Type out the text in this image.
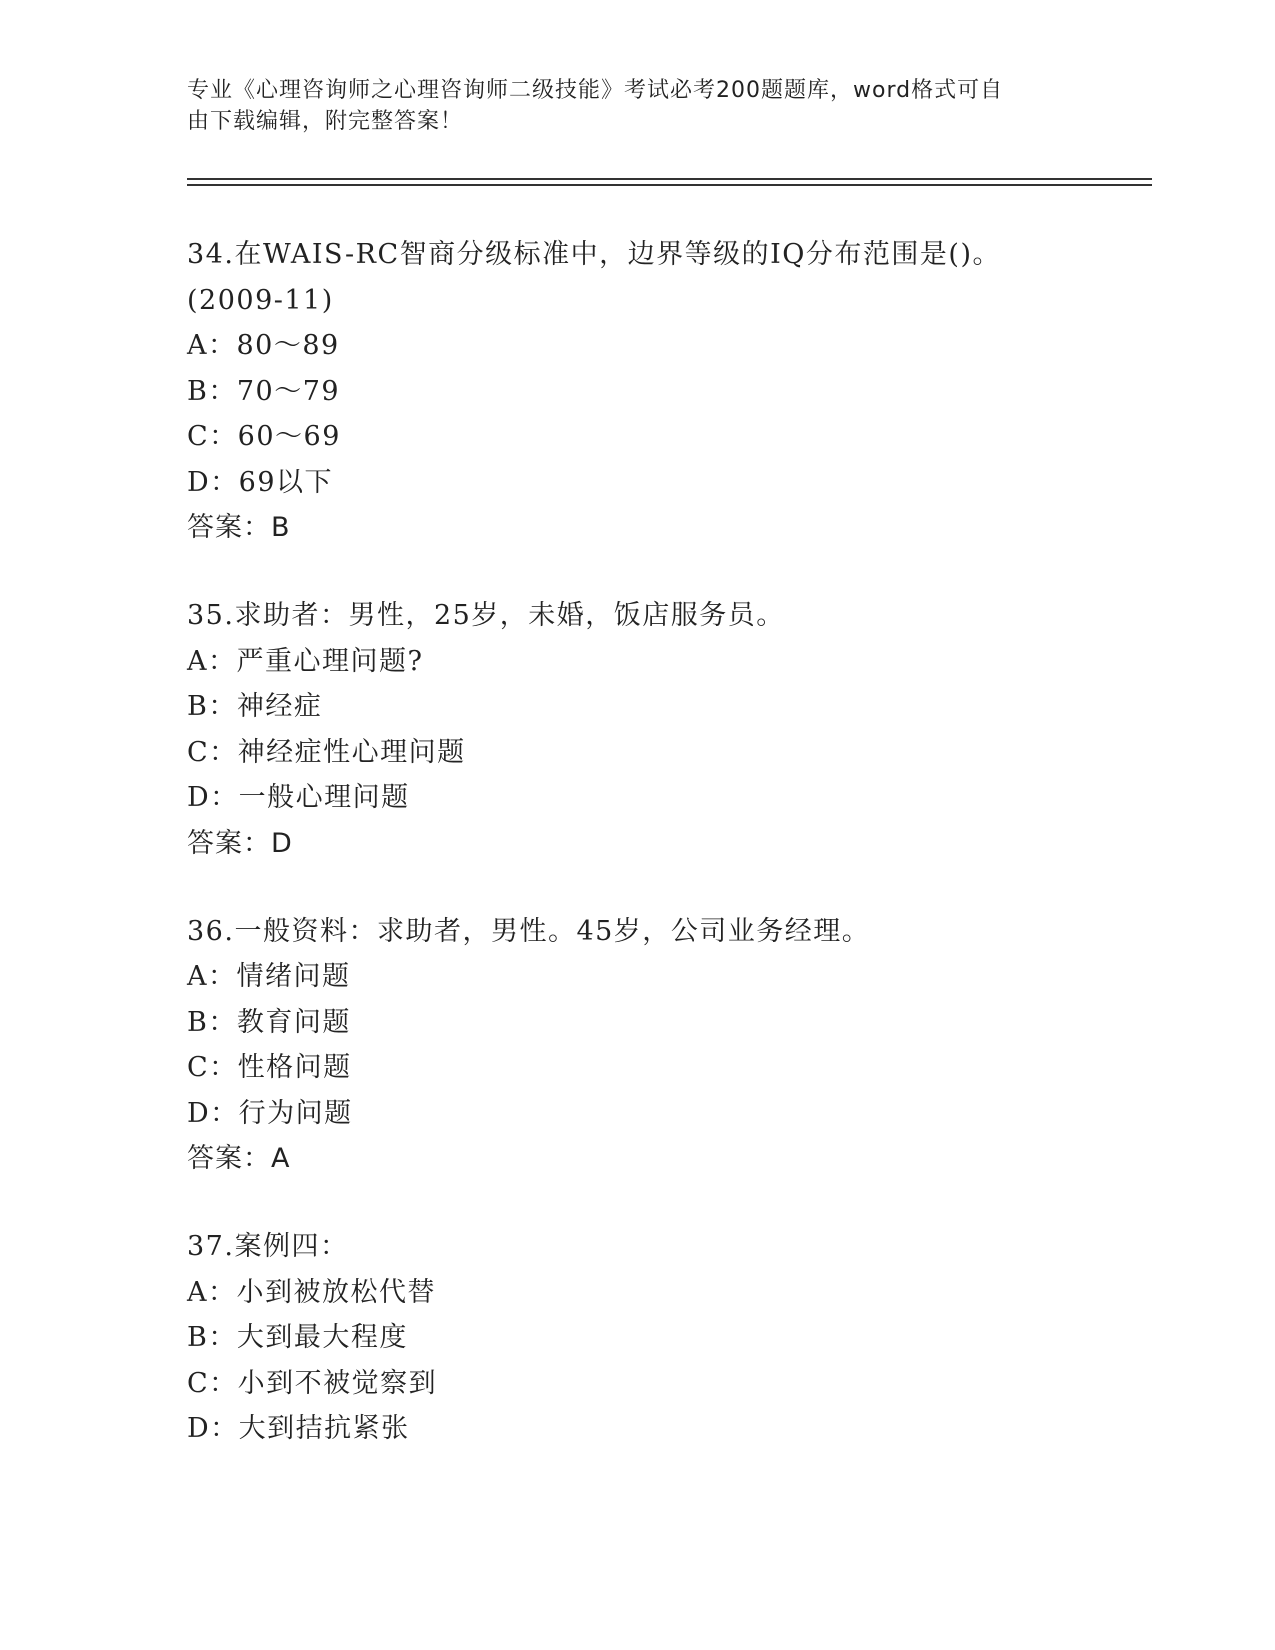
专业《心理咨询师之心理咨询师二级技能》考试必考200题题库，word格式可自
由下载编辑，附完整答案！
34.在WAIS-RC智商分级标准中，边界等级的IQ分布范围是()。
(2009-11)
A：80～89
B：70～79
C：60～69
D：69以下
答案：B
35.求助者：男性，25岁，未婚，饭店服务员。
A：严重心理问题?
B：神经症
C：神经症性心理问题
D：一般心理问题
答案：D
36.一般资料：求助者，男性。45岁，公司业务经理。
A：情绪问题
B：教育问题
C：性格问题
D：行为问题
答案：A
37.案例四：
A：小到被放松代替
B：大到最大程度
C：小到不被觉察到
D：大到拮抗紧张
